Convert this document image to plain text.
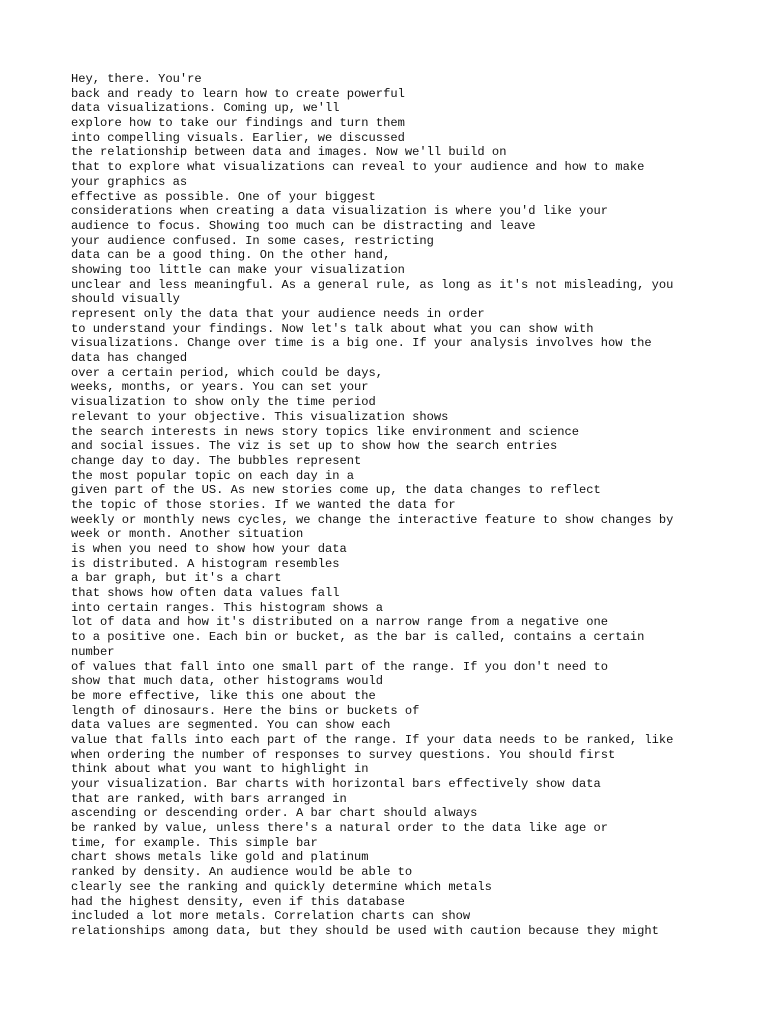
Hey, there. You're
back and ready to learn how to create powerful
data visualizations. Coming up, we'll
explore how to take our findings and turn them
into compelling visuals. Earlier, we discussed
the relationship between data and images. Now we'll build on
that to explore what visualizations can reveal to your audience and how to make
your graphics as
effective as possible. One of your biggest
considerations when creating a data visualization is where you'd like your
audience to focus. Showing too much can be distracting and leave
your audience confused. In some cases, restricting
data can be a good thing. On the other hand,
showing too little can make your visualization
unclear and less meaningful. As a general rule, as long as it's not misleading, you
should visually
represent only the data that your audience needs in order
to understand your findings. Now let's talk about what you can show with
visualizations. Change over time is a big one. If your analysis involves how the
data has changed
over a certain period, which could be days,
weeks, months, or years. You can set your
visualization to show only the time period
relevant to your objective. This visualization shows
the search interests in news story topics like environment and science
and social issues. The viz is set up to show how the search entries
change day to day. The bubbles represent
the most popular topic on each day in a
given part of the US. As new stories come up, the data changes to reflect
the topic of those stories. If we wanted the data for
weekly or monthly news cycles, we change the interactive feature to show changes by
week or month. Another situation
is when you need to show how your data
is distributed. A histogram resembles
a bar graph, but it's a chart
that shows how often data values fall
into certain ranges. This histogram shows a
lot of data and how it's distributed on a narrow range from a negative one
to a positive one. Each bin or bucket, as the bar is called, contains a certain
number
of values that fall into one small part of the range. If you don't need to
show that much data, other histograms would
be more effective, like this one about the
length of dinosaurs. Here the bins or buckets of
data values are segmented. You can show each
value that falls into each part of the range. If your data needs to be ranked, like
when ordering the number of responses to survey questions. You should first
think about what you want to highlight in
your visualization. Bar charts with horizontal bars effectively show data
that are ranked, with bars arranged in
ascending or descending order. A bar chart should always
be ranked by value, unless there's a natural order to the data like age or
time, for example. This simple bar
chart shows metals like gold and platinum
ranked by density. An audience would be able to
clearly see the ranking and quickly determine which metals
had the highest density, even if this database
included a lot more metals. Correlation charts can show
relationships among data, but they should be used with caution because they might
